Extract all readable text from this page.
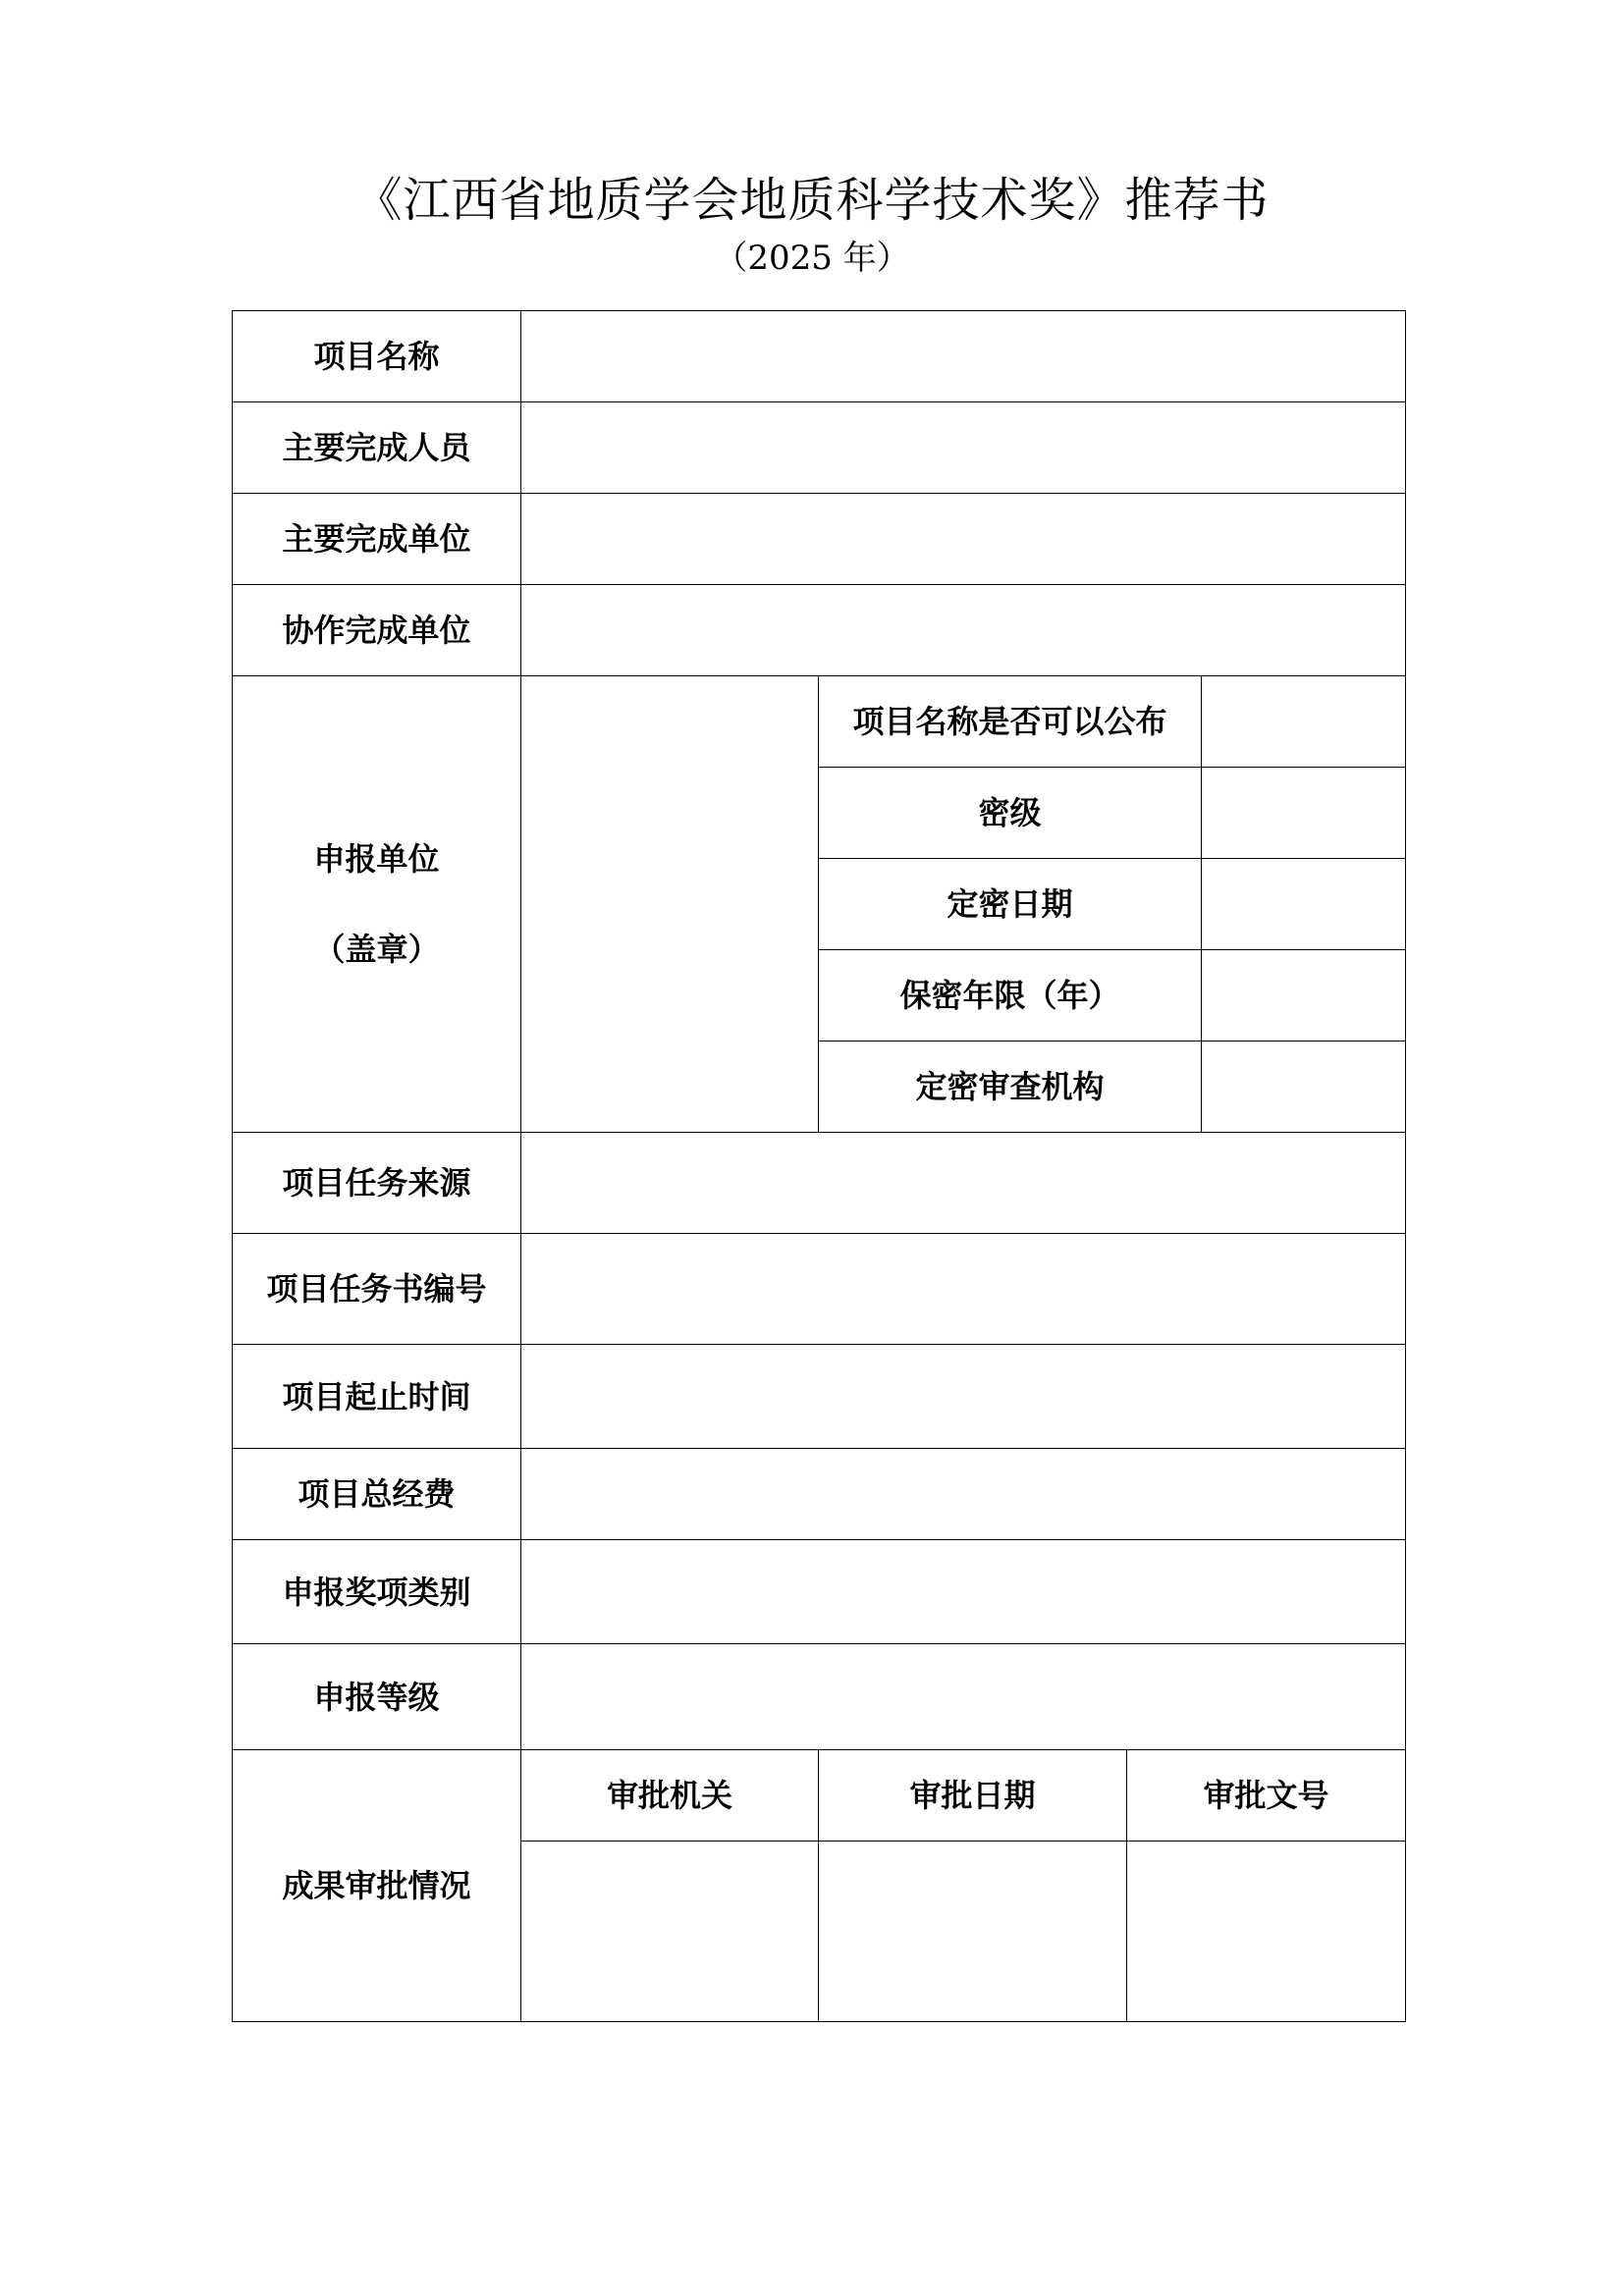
《江西省地质学会地质科学技术奖》推荐书
（2025 年）
项目名称				
主要完成人员				
主要完成单位				
协作完成单位				

申报单位
（盖章）		项目名称是否可以公布		
		密级		
		定密日期		
		保密年限（年）		
		定密审查机构		
项目任务来源				
项目任务书编号				
项目起止时间				
项目总经费				
申报奖项类别				
申报等级				
成果审批情况	审批机关	审批日期	审批文号	
